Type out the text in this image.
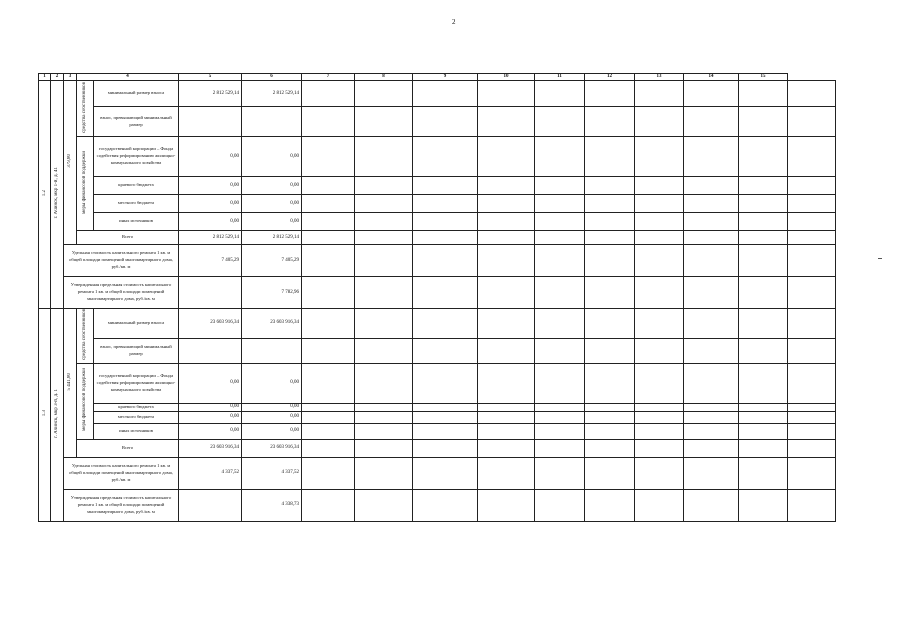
2
1	2	3	4		5	6	7	8	9	10	11	12	13	14	15	
1.2	г. Ачинск, мкр 1-й, д. 41	379,80	средства собственников	минимальный размер взноса	2 812 529,14	2 812 529,14										
				взнос, превышающий минимальный размер												
			меры финансовой поддержки	государственной корпорации – Фонда содействия реформированию жилищно-коммунального хозяйства	0,00	0,00										
				краевого бюджета	0,00	0,00										
				местного бюджета	0,00	0,00										
				иных источников	0,00	0,00										
			Всего		2 812 529,14	2 812 529,14										
		Удельная стоимость капитального ремонта 1 кв. м общей площади помещений многоквартирного дома, руб./кв. м			7 405,29	7 405,29										
		Утвержденная предельная стоимость капитального ремонта 1 кв. м общей площади помещений многоквартирного дома, руб./кв. м				7 782,96										
1.3	г. Ачинск, мкр 3-й, д. 1	5 441,80	средства собственников	минимальный размер взноса	23 603 916,34	23 603 916,34										
				взнос, превышающий минимальный размер												
			меры финансовой поддержки	государственной корпорации – Фонда содействия реформированию жилищно-коммунального хозяйства	0,00	0,00										
				краевого бюджета	0,00	0,00										
				местного бюджета	0,00	0,00										
				иных источников	0,00	0,00										
			Всего		23 603 916,34	23 603 916,34										
		Удельная стоимость капитального ремонта 1 кв. м общей площади помещений многоквартирного дома, руб./кв. м			4 337,52	4 337,52										
		Утвержденная предельная стоимость капитального ремонта 1 кв. м общей площади помещений многоквартирного дома, руб./кв. м				4 338,73										
